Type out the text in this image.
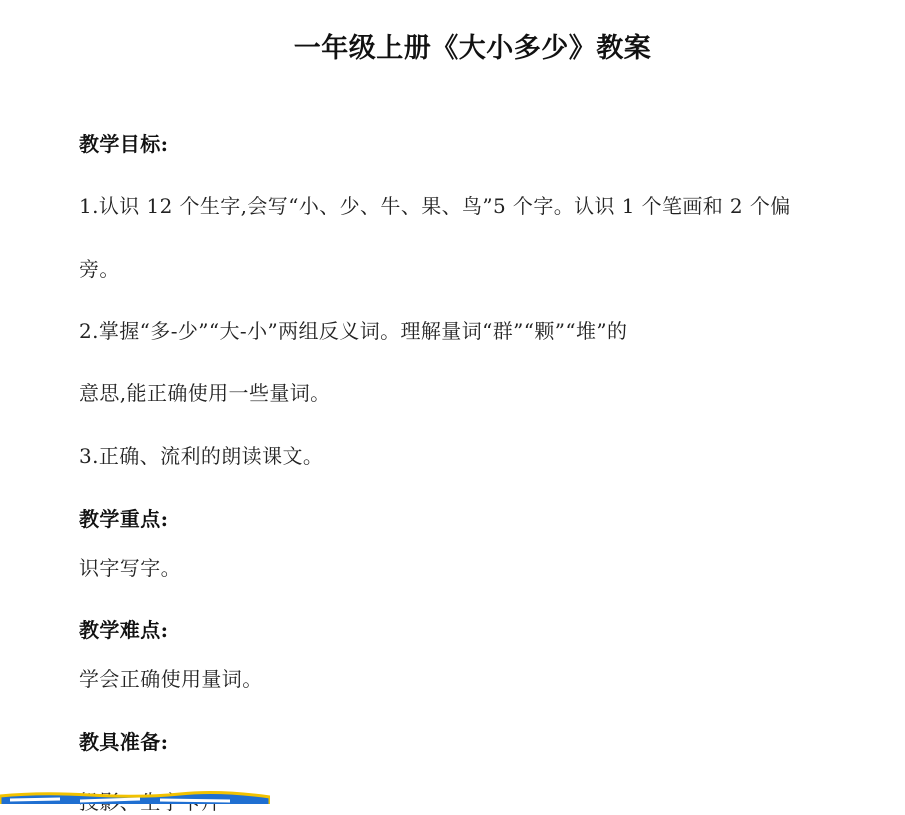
一年级上册《大小多少》教案
教学目标:
1.认识 12 个生字,会写“小、少、牛、果、鸟”5 个字。认识 1 个笔画和 2 个偏
旁。
2.掌握“多-少”“大-小”两组反义词。理解量词“群”“颗”“堆”的
意思,能正确使用一些量词。
3.正确、流利的朗读课文。
教学重点:
识字写字。
教学难点:
学会正确使用量词。
教具准备:
